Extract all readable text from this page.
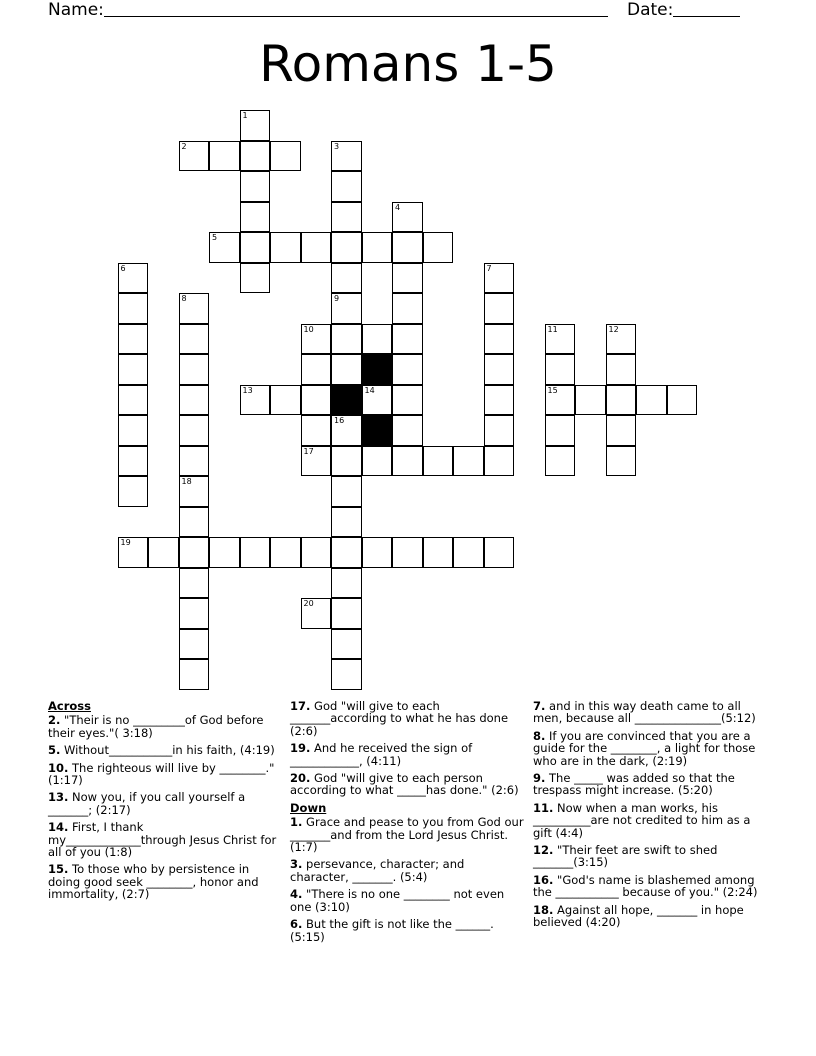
Name:	Date:
Romans 1-5
1
2	3
9
16
4
5
6	7
8
10
14
17
11
15
12
13
18
19
20
Across
2. "Their is no _________of God before their eyes."( 3:18)
5. Without___________in his faith, (4:19)
10. The righteous will live by ________." (1:17)
13. Now you, if you call yourself a _______; (2:17)
14. First, I thank my_____________through Jesus Christ for all of you (1:8)
15. To those who by persistence in doing good seek ________, honor and immortality, (2:7)
17. God "will give to each _______according to what he has done (2:6)
19. And he received the sign of ____________, (4:11)
20. God "will give to each person according to what _____has done." (2:6)
Down
1. Grace and pease to you from God our _______and from the Lord Jesus Christ. (1:7)
3. persevance, character; and character, _______. (5:4)
4. "There is no one ________ not even one (3:10)
6. But the gift is not like the ______. (5:15)
7. and in this way death came to all men, because all _______________(5:12)
8. If you are convinced that you are a guide for the ________, a light for those who are in the dark, (2:19)
9. The _____ was added so that the trespass might increase. (5:20)
11. Now when a man works, his __________are not credited to him as a gift (4:4)
12. "Their feet are swift to shed _______(3:15)
16. "God's name is blashemed among the ___________ because of you." (2:24)
18. Against all hope, _______ in hope believed (4:20)
